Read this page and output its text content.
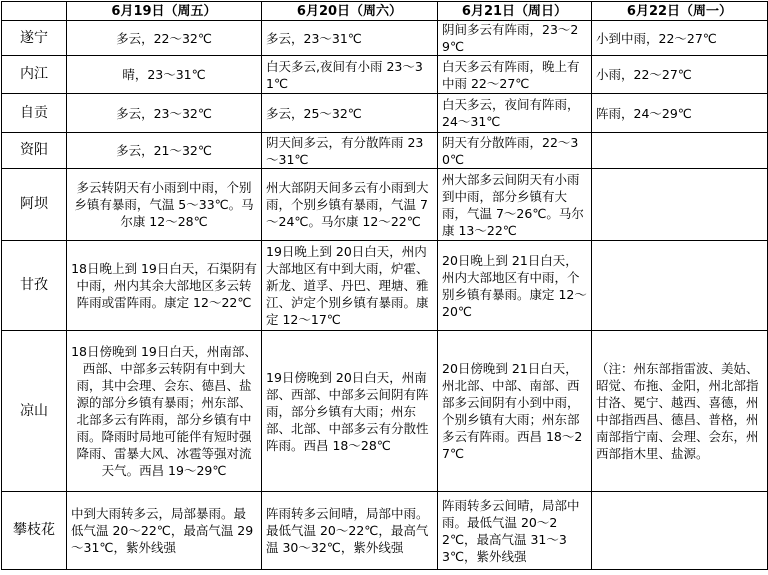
	6月19日（周五）	6月20日（周六）	6月21日（周日）	6月22日（周一）
遂宁	多云，22～32℃	多云，23～31℃	阴间多云有阵雨，23～29℃	小到中雨，22～27℃
内江	晴，23～31℃	白天多云,夜间有小雨 23～31℃	白天多云有阵雨，晚上有中雨 22～27℃	小雨，22～27℃
自贡	多云，23～32℃	多云，25～32℃	白天多云，夜间有阵雨，24～31℃	阵雨，24～29℃
资阳	多云，21～32℃	阴天间多云，有分散阵雨 23～31℃	阴天有分散阵雨，22～30℃	
阿坝	多云转阴天有小雨到中雨，个别乡镇有暴雨，气温 5～33℃。马尔康 12～28℃	州大部阴天间多云有小雨到大雨，个别乡镇有暴雨，气温 7～24℃。马尔康 12～22℃	州大部多云间阴天有小雨到中雨，部分乡镇有大雨，气温 7～26℃。马尔康 13～22℃	
甘孜	18日晚上到 19日白天，石渠阴有中雨，州内其余大部地区多云转阵雨或雷阵雨。康定 12～22℃	19日晚上到 20日白天，州内大部地区有中到大雨，炉霍、新龙、道孚、丹巴、理塘、雅江、泸定个别乡镇有暴雨。康定 12～17℃	20日晚上到 21日白天，州内大部地区有中雨，个别乡镇有暴雨。康定 12～20℃	
凉山	18日傍晚到 19日白天，州南部、西部、中部多云转阴有中到大雨，其中会理、会东、德昌、盐源的部分乡镇有暴雨；州东部、北部多云有阵雨，部分乡镇有中雨。降雨时局地可能伴有短时强降雨、雷暴大风、冰雹等强对流天气。西昌 19～29℃	19日傍晚到 20日白天，州南部、西部、中部多云间阴有阵雨，部分乡镇有大雨；州东部、北部、中部多云有分散性阵雨。西昌 18～28℃	20日傍晚到 21日白天，州北部、中部、南部、西部多云间阴有小到中雨，个别乡镇有大雨；州东部多云有阵雨。西昌 18～27℃	（注：州东部指雷波、美姑、昭觉、布拖、金阳，州北部指甘洛、冕宁、越西、喜德，州中部指西昌、德昌、普格，州南部指宁南、会理、会东，州西部指木里、盐源。
攀枝花	中到大雨转多云，局部暴雨。最低气温 20～22℃，最高气温 29～31℃，紫外线强	阵雨转多云间晴，局部中雨。最低气温 20～22℃，最高气温 30～32℃，紫外线强	阵雨转多云间晴，局部中雨。最低气温 20～22℃，最高气温 31～33℃，紫外线强	
